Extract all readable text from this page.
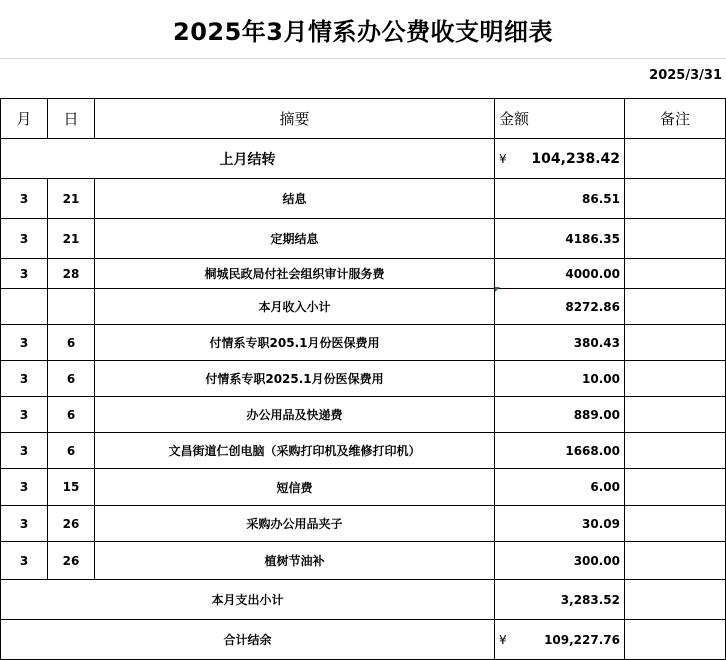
2025年3月情系办公费收支明细表
2025/3/31
月	日	摘要	金额	备注
上月结转			¥ 104,238.42	

3	21	结息	86.51	
3	21	定期结息	4186.35	
3	28	桐城民政局付社会组织审计服务费	4000.00	
		本月收入小计	8272.86	
3	6	付情系专职205.1月份医保费用	380.43	
3	6	付情系专职2025.1月份医保费用	10.00	
3	6	办公用品及快递费	889.00	
3	6	文昌街道仁创电脑（采购打印机及维修打印机）	1668.00	
3	15	短信费	6.00	
3	26	采购办公用品夹子	30.09	
3	26	植树节油补	300.00	
本月支出小计			3,283.52	
合计结余			¥ 109,227.76	
